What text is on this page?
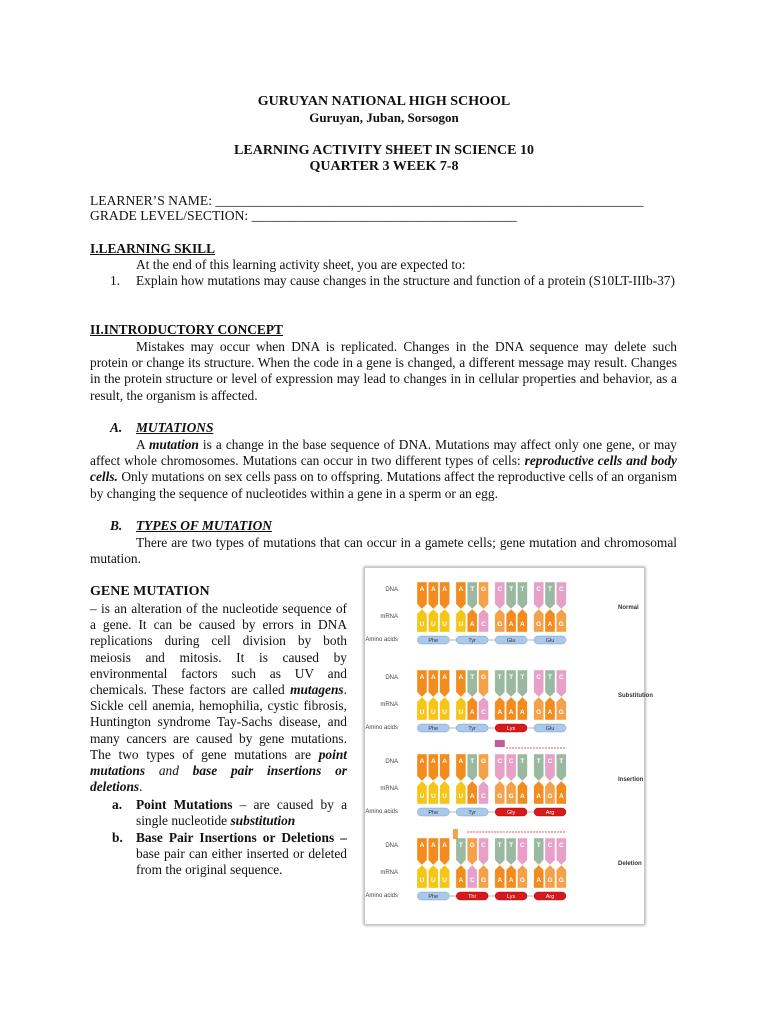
GURUYAN NATIONAL HIGH SCHOOL
Guruyan, Juban, Sorsogon
LEARNING ACTIVITY SHEET IN SCIENCE 10
QUARTER 3 WEEK 7-8
LEARNER’S NAME: _______________________________________________________________
GRADE LEVEL/SECTION: _______________________________________
I.LEARNING SKILL
At the end of this learning activity sheet, you are expected to:
1. Explain how mutations may cause changes in the structure and function of a protein (S10LT-IIIb-37)
II.INTRODUCTORY CONCEPT
Mistakes may occur when DNA is replicated. Changes in the DNA sequence may delete such protein or change its structure. When the code in a gene is changed, a different message may result. Changes in the protein structure or level of expression may lead to changes in in cellular properties and behavior, as a result, the organism is affected.
A. MUTATIONS
A mutation is a change in the base sequence of DNA. Mutations may affect only one gene, or may affect whole chromosomes. Mutations can occur in two different types of cells: reproductive cells and body cells. Only mutations on sex cells pass on to offspring. Mutations affect the reproductive cells of an organism by changing the sequence of nucleotides within a gene in a sperm or an egg.
B. TYPES OF MUTATION
There are two types of mutations that can occur in a gamete cells; gene mutation and chromosomal mutation.
GENE MUTATION
– is an alteration of the nucleotide sequence of a gene. It can be caused by errors in DNA replications during cell division by both meiosis and mitosis. It is caused by environmental factors such as UV and chemicals. These factors are called mutagens. Sickle cell anemia, hemophilia, cystic fibrosis, Huntington syndrome Tay-Sachs disease, and many cancers are caused by gene mutations. The two types of gene mutations are point mutations and base pair insertions or deletions.
a. Point Mutations – are caused by a single nucleotide substitution
b. Base Pair Insertions or Deletions – base pair can either inserted or deleted from the original sequence.
DNA
mRNA
Amino acids
Normal
A A A A T G C T T C T C
U U U U A C G A A G A G
Phe	Tyr	Glu	Glu
DNA
mRNA
Amino acids
Substitution
A A A A T G T T T C T C
U U U U A C A A A G A G
Phe	Tyr	Lys	Glu
DNA
mRNA
Amino acids
Insertion
A A A A T G C C T T C T
U U U U A C G G A A G A
Phe	Tyr	Gly	Arg
DNA
mRNA
Amino acids
Deletion
A A A T G C T T C T C C
U U U A C G A A G A G G
Phe	Thr	Lys	Arg
